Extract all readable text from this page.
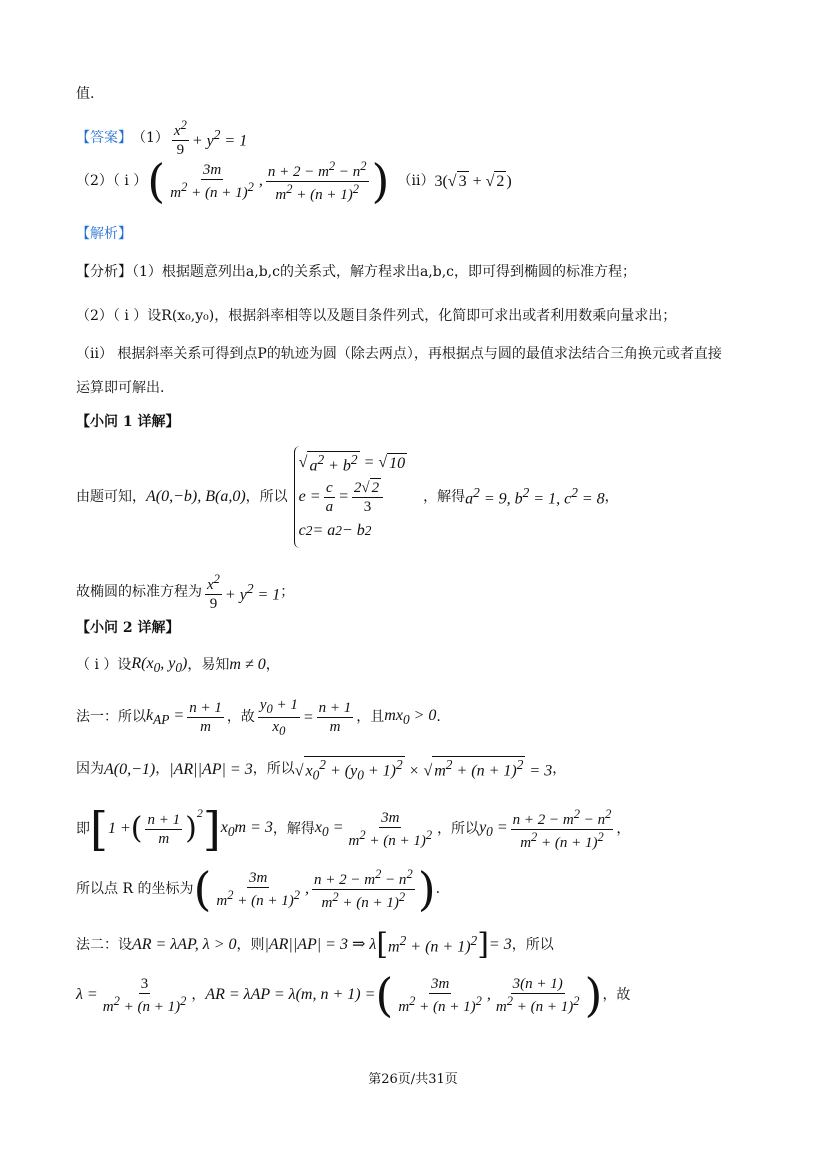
值.
【答案】 $(1) \frac{x^2}{9} + y^2 = 1$
（2）（ i ） ( $\frac{3m}{m^2 + (n + 1)^2}$ , $\frac{n + 2 - m^2 - n^2}{m^2 + (n + 1)^2}$ ) （ii） 3(√ 3 + √ 2 )
【解析】
【分析】（1）根据题意列出a,b,c的关系式，解方程求出a,b,c，即可得到椭圆的标准方程；
（2）（ i ）设R(x₀,y₀)，根据斜率相等以及题目条件列式，化简即可求出或者利用数乘向量求出；
（ii） 根据斜率关系可得到点P的轨迹为圆（除去两点），再根据点与圆的最值求法结合三角换元或者直接
运算即可解出.
【小问 1 详解】
由题可知， A(0,−b), B(a,0) ，所以
√ $a^2 + b^2$ = √ 10
$e = \frac{c}{a} = \frac{2√ 2}{3}$
c 2 = a 2 − b 2
，解得 $a^2 = 9$, $b^2 = 1$, $c^2 = 8$ ，
故椭圆的标准方程为 $\frac{x^2}{9} + y^2 = 1$ ；
【小问 2 详解】
（ i ）设 $R(x_0$, $y_0$) ，易知 m ≠ 0 ，
法一：所以 $k_{AP} = \frac{n + 1}{m}$ ，故 $\frac{y_0 + 1}{x_0} = \frac{n + 1}{m}$ ，且 $mx_0 > 0$ .
因为 A(0,−1) ， |AR||AP| = 3 ，所以 √ $x_0^2 + (y_0 + 1)^2$ × √ $m^2 + (n + 1)^2 = 3$ ，
即 [ 1 + ( $\frac{n + 1}{m}$ ) 2 ] $x_0m = 3$ ，解得 $x_0 = \frac{3m}{m^2 + (n + 1)^2}$ ，所以 $y_0 = \frac{n + 2 - m^2 - n^2}{m^2 + (n + 1)^2}$ ，
所以点 R 的坐标为 ( $\frac{3m}{m^2 + (n + 1)^2}$ , $\frac{n + 2 - m^2 - n^2}{m^2 + (n + 1)^2}$ ) .
法二：设 AR = λAP, λ > 0 ，则 |AR||AP| = 3 ⇒ λ [ $m^2 + (n + 1)^2$ ] = 3 ，所以
$\lambda = \frac{3}{m^2 + (n + 1)^2}$ ， AR = λAP = λ(m, n + 1) = ( $\frac{3m}{m^2 + (n + 1)^2}$ , $\frac{3(n + 1)}{m^2 + (n + 1)^2}$ ) ，故
第26页/共31页
